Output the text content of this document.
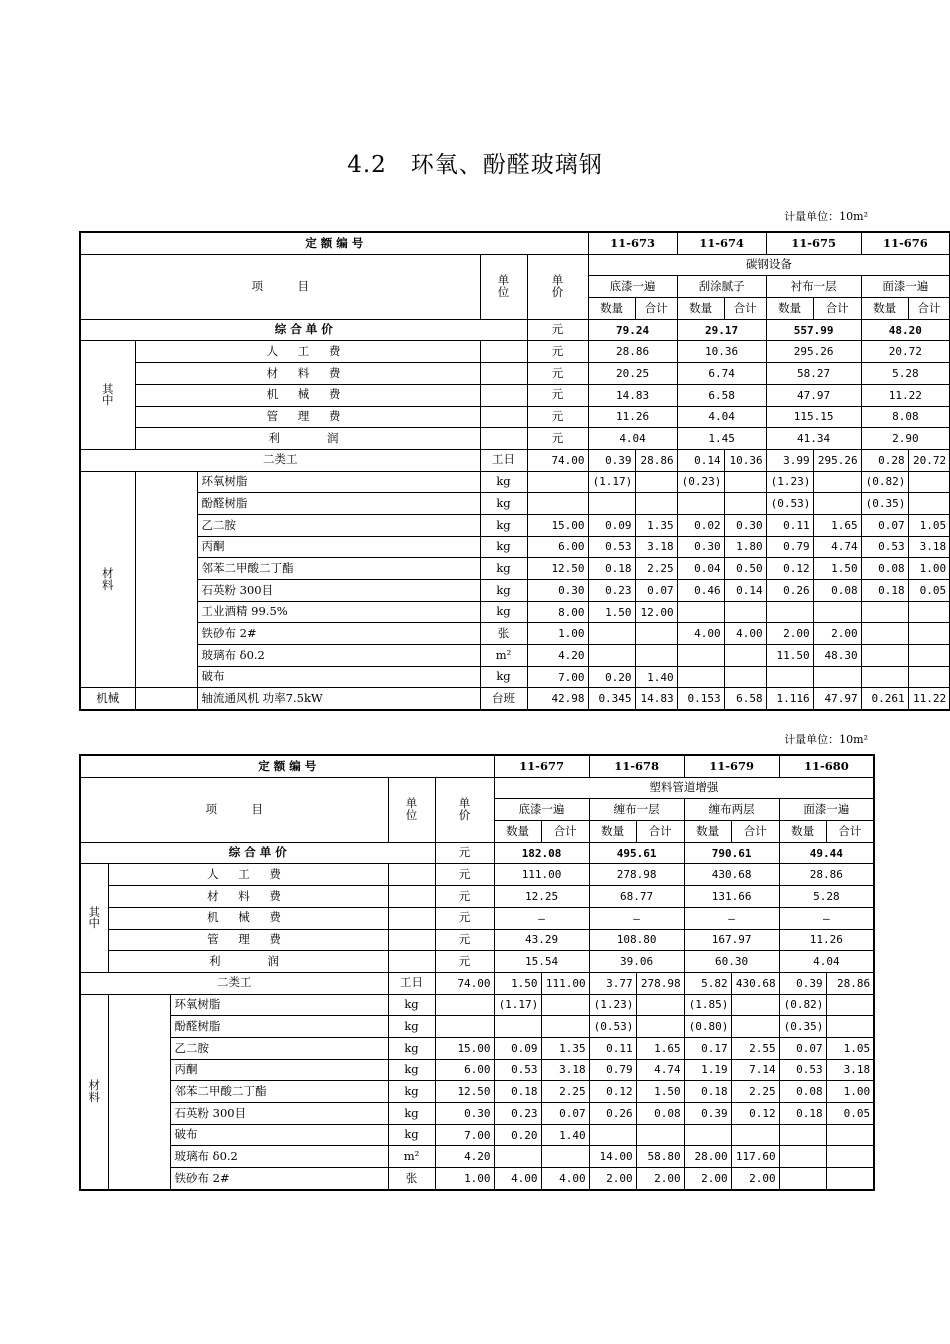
4.2　环氧、酚醛玻璃钢
计量单位：10m²
定 额 编 号					11-673		11-674		11-675		11-676	
项　　　目			单
位	单
价	碳钢设备							
					底漆一遍		刮涂腻子		衬布一层		面漆一遍	
					数量	合计	数量	合计	数量	合计	数量	合计
综 合 单 价				元	79.24		29.17		557.99		48.20	
其
中	人 工 费			元	28.86		10.36		295.26		20.72	
	材 料 费			元	20.25		6.74		58.27		5.28	
	机 械 费			元	14.83		6.58		47.97		11.22	
	管 理 费			元	11.26		4.04		115.15		8.08	
	利　　润			元	4.04		1.45		41.34		2.90	
二类工			工日	74.00	0.39	28.86	0.14	10.36	3.99	295.26	0.28	20.72
材
料		环氧树脂	kg		(1.17)		(0.23)		(1.23)		(0.82)	
		酚醛树脂	kg						(0.53)		(0.35)	
		乙二胺	kg	15.00	0.09	1.35	0.02	0.30	0.11	1.65	0.07	1.05
		丙酮	kg	6.00	0.53	3.18	0.30	1.80	0.79	4.74	0.53	3.18
		邻苯二甲酸二丁酯	kg	12.50	0.18	2.25	0.04	0.50	0.12	1.50	0.08	1.00
		石英粉 300目	kg	0.30	0.23	0.07	0.46	0.14	0.26	0.08	0.18	0.05
		工业酒精 99.5%	kg	8.00	1.50	12.00						
		铁砂布 2#	张	1.00			4.00	4.00	2.00	2.00		
		玻璃布 δ0.2	m²	4.20					11.50	48.30		
		破布	kg	7.00	0.20	1.40						
机械		轴流通风机 功率7.5kW	台班	42.98	0.345	14.83	0.153	6.58	1.116	47.97	0.261	11.22
计量单位：10m²
定 额 编 号					11-677		11-678		11-679		11-680	
项　　　目			单
位	单
价	塑料管道增强							
					底漆一遍		缠布一层		缠布两层		面漆一遍	
					数量	合计	数量	合计	数量	合计	数量	合计
综 合 单 价				元	182.08		495.61		790.61		49.44	
其
中	人 工 费			元	111.00		278.98		430.68		28.86	
	材 料 费			元	12.25		68.77		131.66		5.28	
	机 械 费			元	—		—		—		—	
	管 理 费			元	43.29		108.80		167.97		11.26	
	利　　润			元	15.54		39.06		60.30		4.04	
二类工			工日	74.00	1.50	111.00	3.77	278.98	5.82	430.68	0.39	28.86
材
料		环氧树脂	kg		(1.17)		(1.23)		(1.85)		(0.82)	
		酚醛树脂	kg				(0.53)		(0.80)		(0.35)	
		乙二胺	kg	15.00	0.09	1.35	0.11	1.65	0.17	2.55	0.07	1.05
		丙酮	kg	6.00	0.53	3.18	0.79	4.74	1.19	7.14	0.53	3.18
		邻苯二甲酸二丁酯	kg	12.50	0.18	2.25	0.12	1.50	0.18	2.25	0.08	1.00
		石英粉 300目	kg	0.30	0.23	0.07	0.26	0.08	0.39	0.12	0.18	0.05
		破布	kg	7.00	0.20	1.40						
		玻璃布 δ0.2	m²	4.20			14.00	58.80	28.00	117.60		
		铁砂布 2#	张	1.00	4.00	4.00	2.00	2.00	2.00	2.00		
